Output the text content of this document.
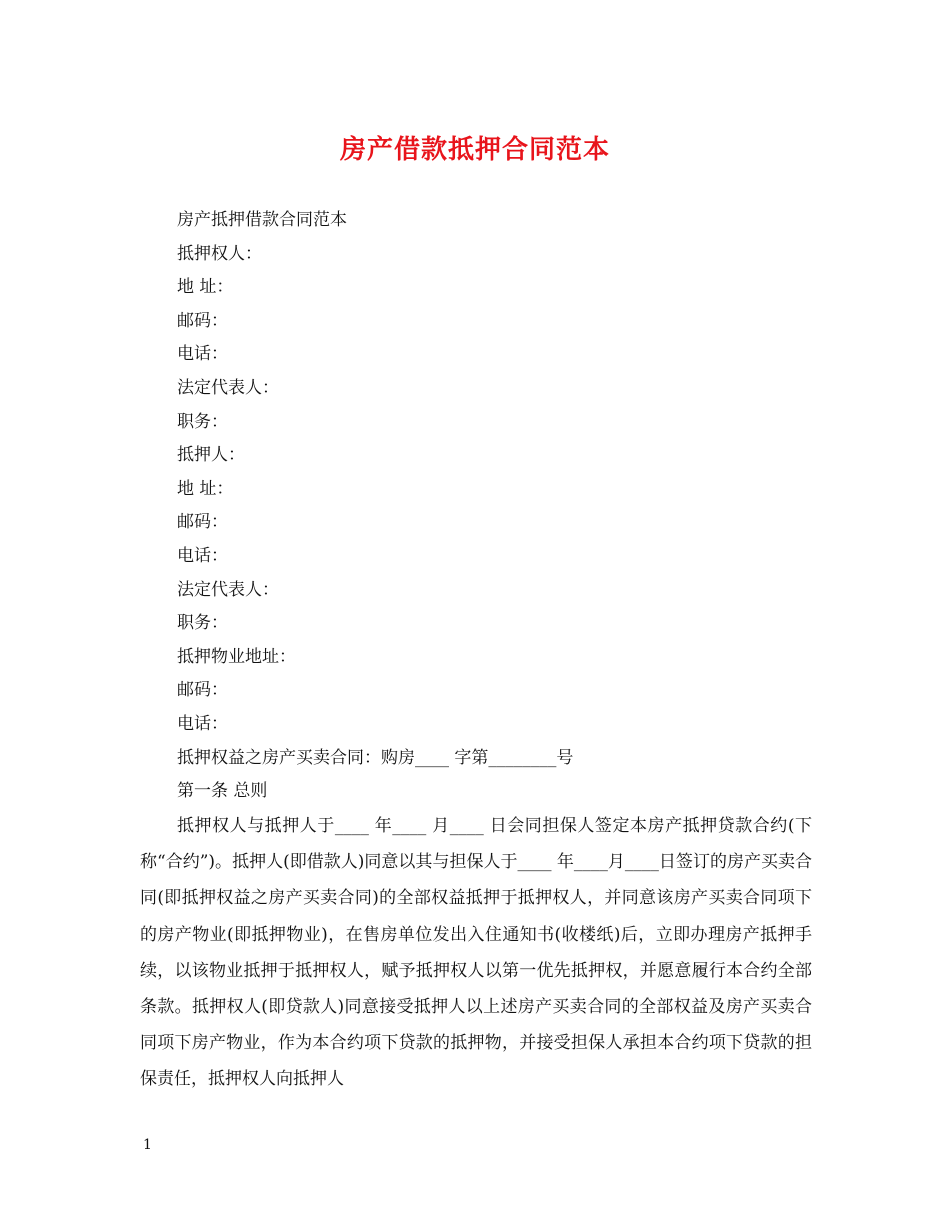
房产借款抵押合同范本
房产抵押借款合同范本
抵押权人：
地 址：
邮码：
电话：
法定代表人：
职务：
抵押人：
地 址：
邮码：
电话：
法定代表人：
职务：
抵押物业地址：
邮码：
电话：
抵押权益之房产买卖合同：购房____ 字第________号
第一条 总则

抵押权人与抵押人于____ 年____ 月____ 日会同担保人签定本房产抵押贷款合约(下称“合约”)。抵押人(即借款人)同意以其与担保人于____ 年____月____日签订的房产买卖合同(即抵押权益之房产买卖合同)的全部权益抵押于抵押权人，并同意该房产买卖合同项下的房产物业(即抵押物业)，在售房单位发出入住通知书(收楼纸)后，立即办理房产抵押手续，以该物业抵押于抵押权人，赋予抵押权人以第一优先抵押权，并愿意履行本合约全部条款。抵押权人(即贷款人)同意接受抵押人以上述房产买卖合同的全部权益及房产买卖合同项下房产物业，作为本合约项下贷款的抵押物，并接受担保人承担本合约项下贷款的担保责任，抵押权人向抵押人

1
